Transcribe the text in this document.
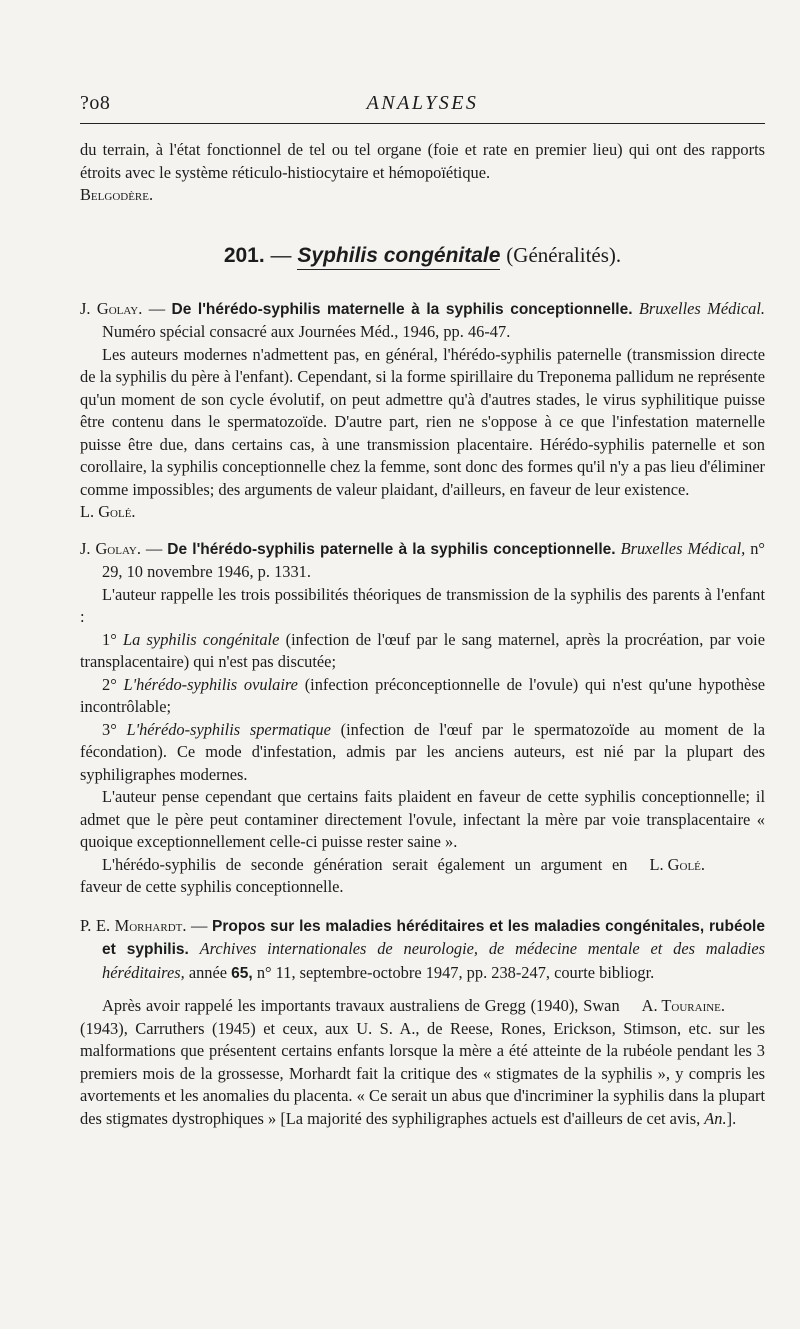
?o8	ANALYSES

du terrain, à l'état fonctionnel de tel ou tel organe (foie et rate en premier lieu) qui ont des rapports étroits avec le système réticulo-histiocytaire et hémopoïétique.

Belgodère.

201. — Syphilis congénitale (Généralités).

J. Golay. — De l'hérédo-syphilis maternelle à la syphilis conceptionnelle. Bruxelles Médical. Numéro spécial consacré aux Journées Méd., 1946, pp. 46-47.

Les auteurs modernes n'admettent pas, en général, l'hérédo-syphilis paternelle (transmission directe de la syphilis du père à l'enfant). Cependant, si la forme spirillaire du Treponema pallidum ne représente qu'un moment de son cycle évolutif, on peut admettre qu'à d'autres stades, le virus syphilitique puisse être contenu dans le spermatozoïde. D'autre part, rien ne s'oppose à ce que l'infestation maternelle puisse être due, dans certains cas, à une transmission placentaire. Hérédo-syphilis paternelle et son corollaire, la syphilis conceptionnelle chez la femme, sont donc des formes qu'il n'y a pas lieu d'éliminer comme impossibles; des arguments de valeur plaidant, d'ailleurs, en faveur de leur existence.

L. Golé.

J. Golay. — De l'hérédo-syphilis paternelle à la syphilis conceptionnelle. Bruxelles Médical, n° 29, 10 novembre 1946, p. 1331.

L'auteur rappelle les trois possibilités théoriques de transmission de la syphilis des parents à l'enfant :

1° La syphilis congénitale (infection de l'œuf par le sang maternel, après la procréation, par voie transplacentaire) qui n'est pas discutée;

2° L'hérédo-syphilis ovulaire (infection préconceptionnelle de l'ovule) qui n'est qu'une hypothèse incontrôlable;

3° L'hérédo-syphilis spermatique (infection de l'œuf par le spermatozoïde au moment de la fécondation). Ce mode d'infestation, admis par les anciens auteurs, est nié par la plupart des syphiligraphes modernes.

L'auteur pense cependant que certains faits plaident en faveur de cette syphilis conceptionnelle; il admet que le père peut contaminer directement l'ovule, infectant la mère par voie transplacentaire « quoique exceptionnellement celle-ci puisse rester saine ».

L. Golé.
L'hérédo-syphilis de seconde génération serait également un argument en faveur de cette syphilis conceptionnelle.

P. E. Morhardt. — Propos sur les maladies héréditaires et les maladies congénitales, rubéole et syphilis. Archives internationales de neurologie, de médecine mentale et des maladies héréditaires, année 65, n° 11, septembre-octobre 1947, pp. 238-247, courte bibliogr.

A. Touraine.
Après avoir rappelé les importants travaux australiens de Gregg (1940), Swan (1943), Carruthers (1945) et ceux, aux U. S. A., de Reese, Rones, Erickson, Stimson, etc. sur les malformations que présentent certains enfants lorsque la mère a été atteinte de la rubéole pendant les 3 premiers mois de la grossesse, Morhardt fait la critique des « stigmates de la syphilis », y compris les avortements et les anomalies du placenta. « Ce serait un abus que d'incriminer la syphilis dans la plupart des stigmates dystrophiques » [La majorité des syphiligraphes actuels est d'ailleurs de cet avis, An.].
